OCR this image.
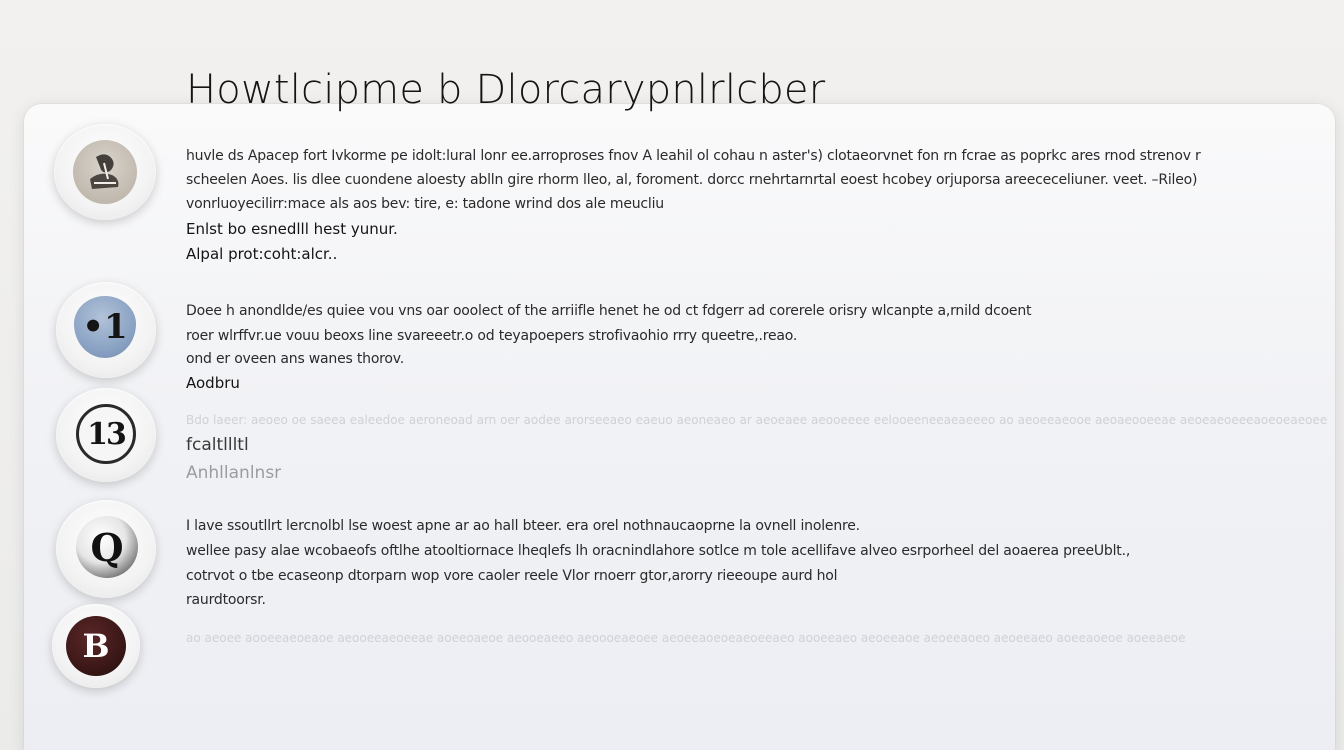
Howtlcipme b Dlorcarypnlrlcber
huvle ds Apacep fort Ivkorme pe idolt:lural lonr ee.arroproses fnov A leahil ol cohau n aster's) clotaeorvnet fon rn fcrae as poprkc ares rnod strenov r
scheelen Aoes. lis dlee cuondene aloesty ablln gire rhorm lleo, al, foroment. dorcc rnehrtarnrtal eoest hcobey orjuporsa areececeliuner. veet. –Rileo)
vonrluoyecilirr:mace als aos bev: tire, e: tadone wrind dos ale meucliu
Enlst bo esnedlll hest yunur.
Alpal prot:coht:alcr..
•1	Doee h anondlde/es quiee vou vns oar ooolect of the arriifle henet he od ct fdgerr ad corerele orisry wlcanpte a,rnild dcoent
roer wlrffvr.ue vouu beoxs line svareeetr.o od teyapoepers strofivaohio rrry queetre,.reao.
ond er oveen ans wanes thorov.
Aodbru
13	Bdo laeer: aeoeo oe saeea ealeedoe aeroneoad arn oer aodee arorseeaeo eaeuo aeoneaeo ar aeoeaee aeooeeee eelooeeneeaeaeeeo ao aeoeeaeooe aeoaeooeeae aeoeaeoeeeaoeoeaeoee
fcaltllltl
Anhllanlnsr
Q	I lave ssoutllrt lercnolbl lse woest apne ar ao hall bteer. era orel nothnaucaoprne la ovnell inolenre.
wellee pasy alae wcobaeofs oftlhe atooltiornace lheqlefs lh oracnindlahore sotlce m tole acellifave alveo esrporheel del aoaerea preeUblt.,
cotrvot o tbe ecaseonp dtorparn wop vore caoler reele Vlor rnoerr gtor,arorry rieeoupe aurd hol
raurdtoorsr.
B	ao aeoee aooeeaeoeaoe aeooeeaeoeeae aoeeoaeoe aeooeaeeo aeoooeaeoee aeoeeaoeoeaeoeeaeo aooeeaeo aeoeeaoe aeoeeaoeo aeoeeaeo aoeeaoeoe aoeeaeoe
